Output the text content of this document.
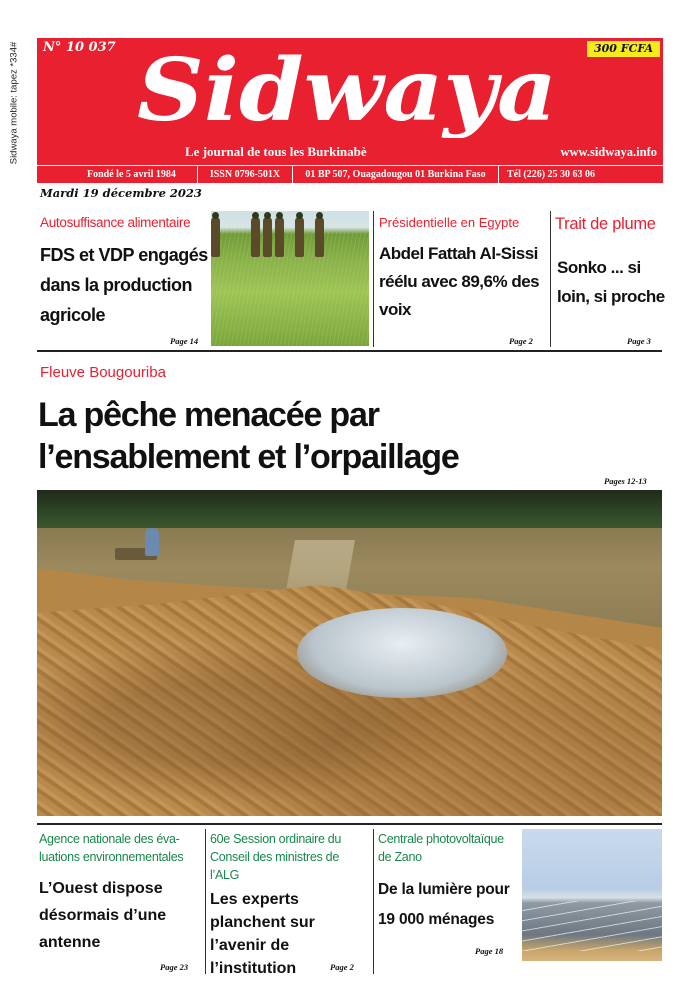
Sidwaya mobile: tapez *334# N° 10 037	300 FCFA
Sidwaya
Le journal de tous les Burkinabè	www.sidwaya.info
Fondé le 5 avril 1984	ISSN 0796-501X	01 BP 507, Ouagadougou 01 Burkina Faso	Tél (226) 25 30 63 06
Mardi 19 décembre 2023
Autosuffisance alimentaire
FDS et VDP engagés dans la production agricole
Page 14
Présidentielle en Egypte
Abdel Fattah Al-Sissi réélu avec 89,6% des voix
Page 2
Trait de plume
Sonko ... si loin, si proche
Page 3
Fleuve Bougouriba
La pêche menacée par l’ensablement et l’orpaillage
Pages 12-13
Agence nationale des éva-luations environnementales
L’Ouest dispose désormais d’une antenne
Page 23
60e Session ordinaire du Conseil des ministres de l’ALG
Les experts planchent sur l’avenir de l’institution	Page 2
Centrale photovoltaïque de Zano
De la lumière pour 19 000 ménages
Page 18
